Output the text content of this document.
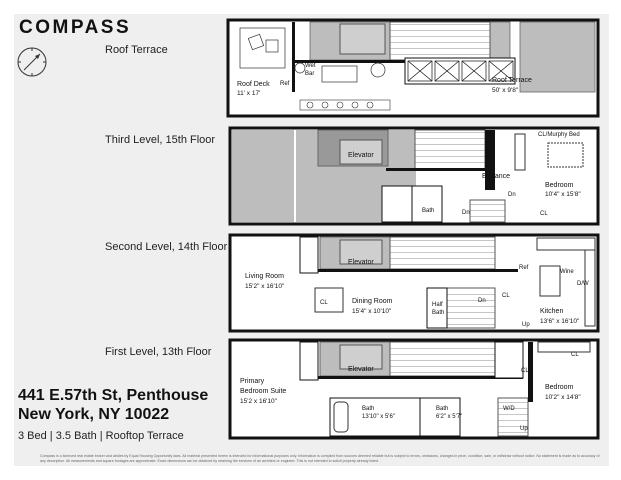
COMPASS
Roof Terrace
Third Level, 15th Floor
Second Level, 14th Floor
First Level, 13th Floor
441 E.57th St, Penthouse
New York, NY 10022
3 Bed | 3.5 Bath | Rooftop Terrace
Compass is a licensed real estate broker and abides by Equal Housing Opportunity laws. All material presented herein is intended for informational purposes only. Information is compiled from sources deemed reliable but is subject to errors, omissions, changes in price, condition, sale, or withdraw without notice. No statement is made as to accuracy of any description. All measurements and square footages are approximate. Exact dimensions can be obtained by retaining the services of an architect or engineer. This is not intended to solicit property already listed.
Roof Deck
11' x 17'
Wet
Bar
Ref	Roof Terrace
50' x 9'8"
Elevator
CL/Murphy Bed
Entrance
Dn
Bedroom
10'4" x 15'8"
Bath	Dn	CL
Elevator
Ref
Living Room
15'2" x 16'10"
Wine
D/W
CL	Dining Room
15'4" x 10'10"
Half
Bath
Dn
CL
Kitchen
13'6" x 16'10"
Up
Elevator
CL
CL
Primary
Bedroom Suite
15'2 x 16'10"
Bedroom
10'2" x 14'8"
Bath
13'10" x 5'6"
Bath
6'2" x 5'7"
W/D
Up
